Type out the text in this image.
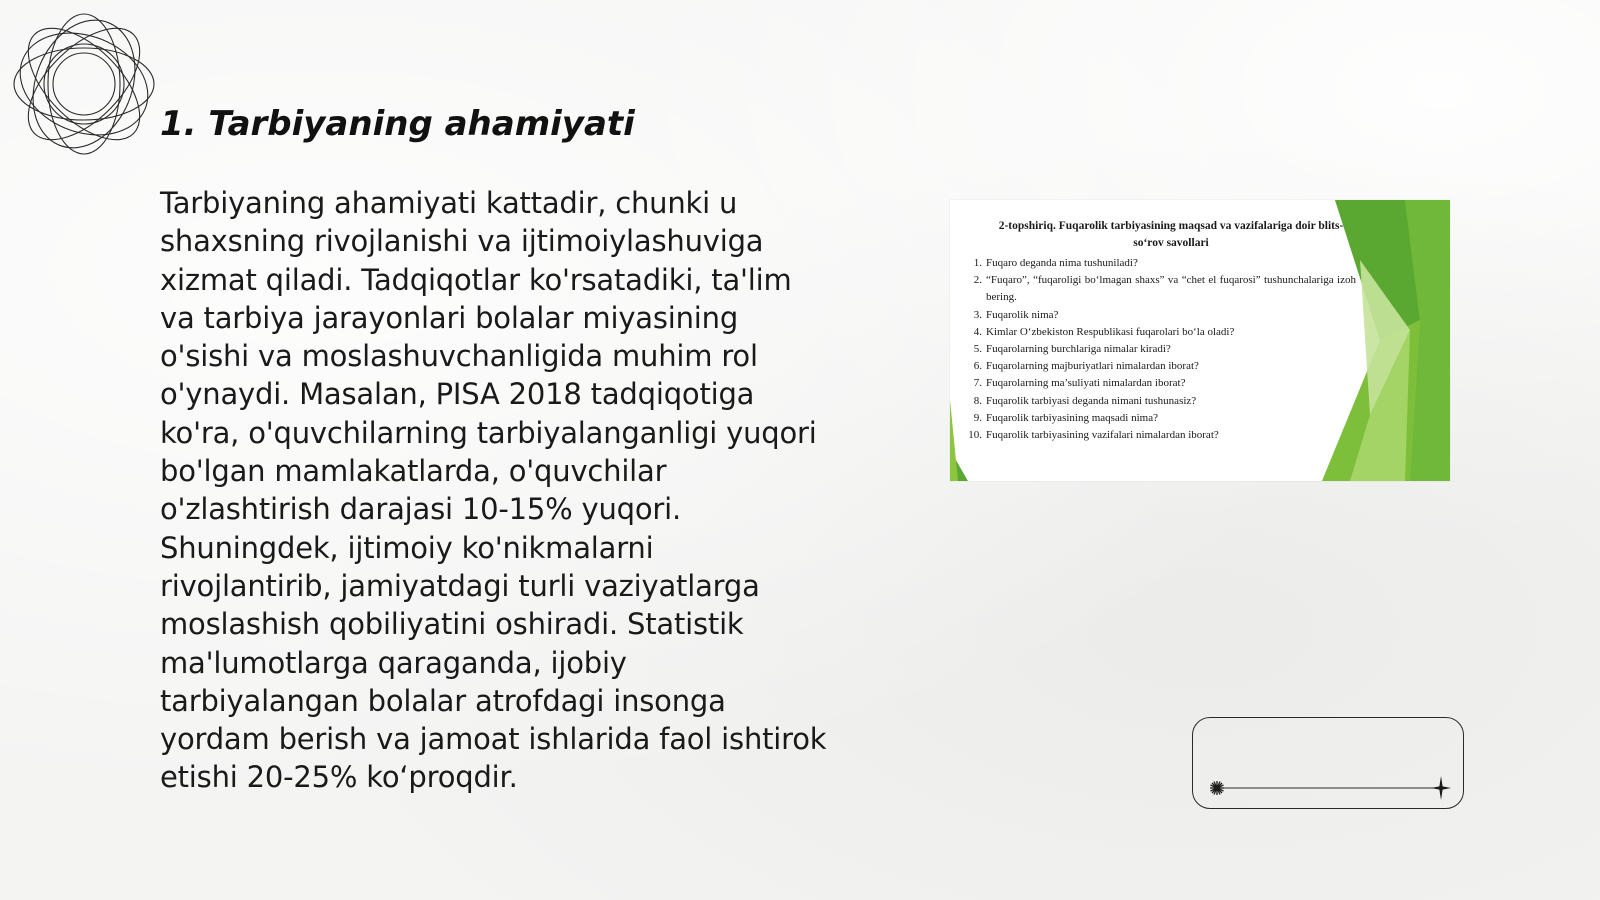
1. Tarbiyaning ahamiyati

Tarbiyaning ahamiyati kattadir, chunki u shaxsning rivojlanishi va ijtimoiylashuviga xizmat qiladi. Tadqiqotlar ko'rsatadiki, ta'lim va tarbiya jarayonlari bolalar miyasining o'sishi va moslashuvchanligida muhim rol o'ynaydi. Masalan, PISA 2018 tadqiqotiga ko'ra, o'quvchilarning tarbiyalanganligi yuqori bo'lgan mamlakatlarda, o'quvchilar o'zlashtirish darajasi 10-15% yuqori. Shuningdek, ijtimoiy ko'nikmalarni rivojlantirib, jamiyatdagi turli vaziyatlarga moslashish qobiliyatini oshiradi. Statistik ma'lumotlarga qaraganda, ijobiy tarbiyalangan bolalar atrofdagi insonga yordam berish va jamoat ishlarida faol ishtirok etishi 20-25% ko‘proqdir.

2-topshiriq. Fuqarolik tarbiyasining maqsad va vazifalariga doir blits-so‘rov savollari
1. Fuqaro deganda nima tushuniladi?
2. “Fuqaro”, “fuqaroligi bo‘lmagan shaxs” va “chet el fuqarosi” tushunchalariga izoh bering.
3. Fuqarolik nima?
4. Kimlar O‘zbekiston Respublikasi fuqarolari bo‘la oladi?
5. Fuqarolarning burchlariga nimalar kiradi?
6. Fuqarolarning majburiyatlari nimalardan iborat?
7. Fuqarolarning ma’suliyati nimalardan iborat?
8. Fuqarolik tarbiyasi deganda nimani tushunasiz?
9. Fuqarolik tarbiyasining maqsadi nima?
10. Fuqarolik tarbiyasining vazifalari nimalardan iborat?
